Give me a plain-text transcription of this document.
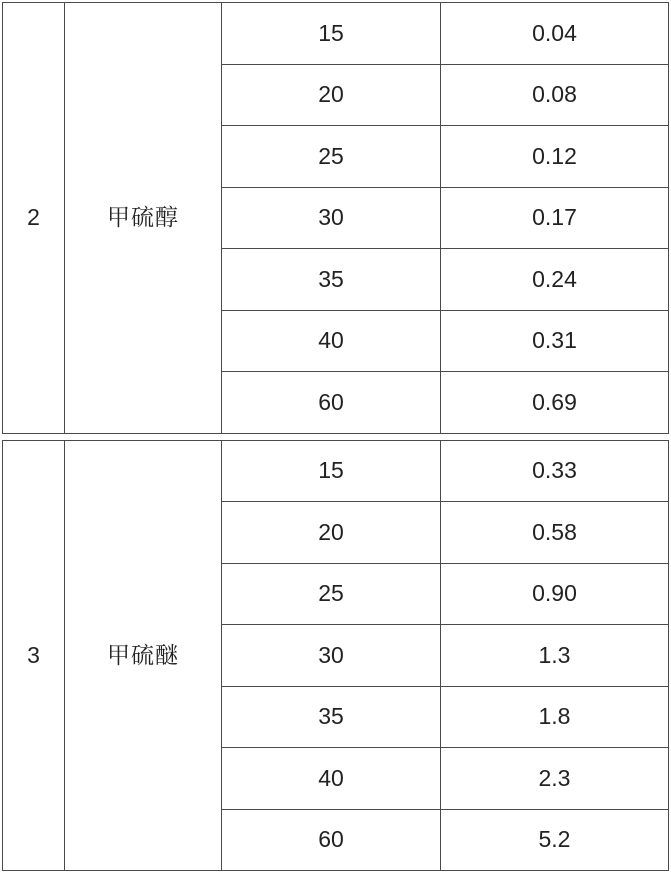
2	甲硫醇	15	0.04
		20	0.08
		25	0.12
		30	0.17
		35	0.24
		40	0.31
		60	0.69
3	甲硫醚	15	0.33
		20	0.58
		25	0.90
		30	1.3
		35	1.8
		40	2.3
		60	5.2
